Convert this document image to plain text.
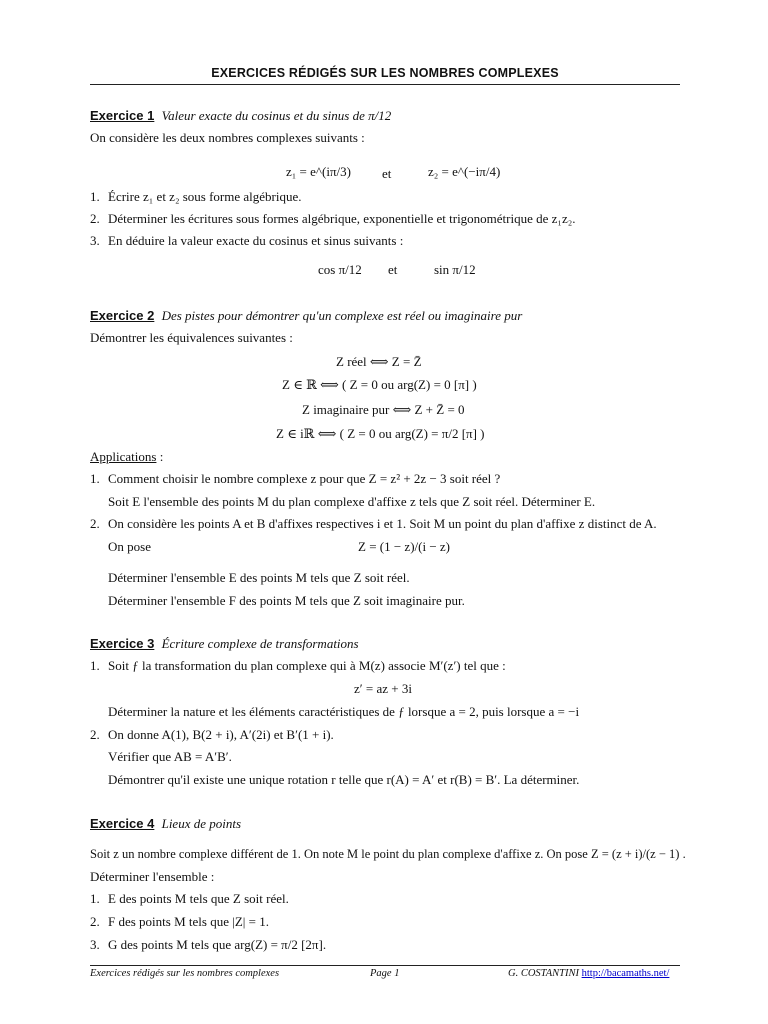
EXERCICES RÉDIGÉS SUR LES NOMBRES COMPLEXES
Exercice 1 Valeur exacte du cosinus et du sinus de π/12
On considère les deux nombres complexes suivants :
z₁ = e^(iπ/3) et	z₂ = e^(−iπ/4)
1. Écrire z₁ et z₂ sous forme algébrique.
2. Déterminer les écritures sous formes algébrique, exponentielle et trigonométrique de z₁z₂.
3. En déduire la valeur exacte du cosinus et sinus suivants :
cos π/12 et	sin π/12
Exercice 2 Des pistes pour démontrer qu'un complexe est réel ou imaginaire pur
Démontrer les équivalences suivantes :
Z réel ⟺ Z = Z̄
Z ∈ ℝ ⟺ ( Z = 0 ou arg(Z) = 0 [π] )
Z imaginaire pur ⟺ Z + Z̄ = 0
Z ∈ iℝ ⟺ ( Z = 0 ou arg(Z) = π/2 [π] )
Applications :
1. Comment choisir le nombre complexe z pour que Z = z² + 2z − 3 soit réel ?
Soit E l'ensemble des points M du plan complexe d'affixe z tels que Z soit réel. Déterminer E.
2. On considère les points A et B d'affixes respectives i et 1. Soit M un point du plan d'affixe z distinct de A.
On pose	Z = (1 − z)/(i − z)
Déterminer l'ensemble E des points M tels que Z soit réel.
Déterminer l'ensemble F des points M tels que Z soit imaginaire pur.
Exercice 3 Écriture complexe de transformations
1. Soit ƒ la transformation du plan complexe qui à M(z) associe M′(z′) tel que :
z′ = az + 3i
Déterminer la nature et les éléments caractéristiques de ƒ lorsque a = 2, puis lorsque a = −i
2. On donne A(1), B(2 + i), A′(2i) et B′(1 + i).
Vérifier que AB = A′B′.
Démontrer qu'il existe une unique rotation r telle que r(A) = A′ et r(B) = B′. La déterminer.
Exercice 4 Lieux de points
Soit z un nombre complexe différent de 1. On note M le point du plan complexe d'affixe z. On pose Z = (z + i)/(z − 1) .
Déterminer l'ensemble :
1. E des points M tels que Z soit réel.
2. F des points M tels que |Z| = 1.
3. G des points M tels que arg(Z) = π/2 [2π].
Exercices rédigés sur les nombres complexes	Page 1	G. COSTANTINI http://bacamaths.net/
